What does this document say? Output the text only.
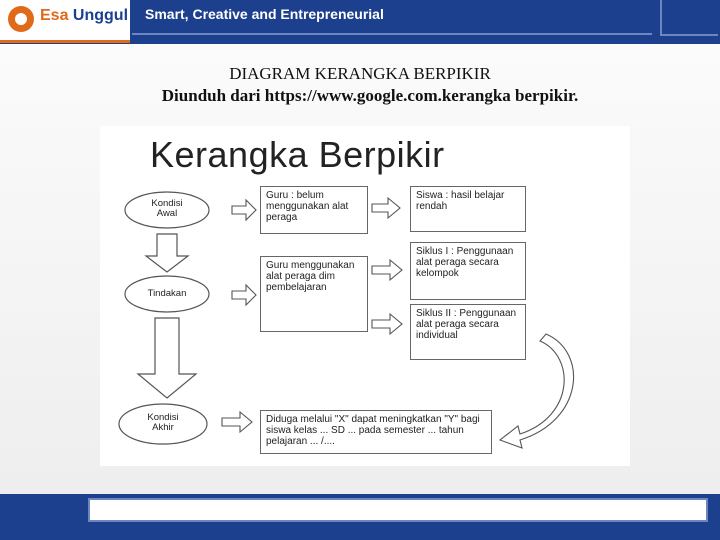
Esa Unggul Smart, Creative and Entrepreneurial
DIAGRAM KERANGKA BERPIKIR
Diunduh dari https://www.google.com.kerangka berpikir.
Kerangka Berpikir
Kondisi
Awal
Tindakan
Kondisi
Akhir
Guru : belum menggunakan alat peraga
Siswa : hasil belajar rendah
Guru menggunakan alat peraga dim pembelajaran
Siklus I : Penggunaan alat peraga secara kelompok
Siklus II : Penggunaan alat peraga secara individual
Diduga melalui "X" dapat meningkatkan "Y" bagi siswa kelas ... SD ... pada semester ... tahun pelajaran ... /....
